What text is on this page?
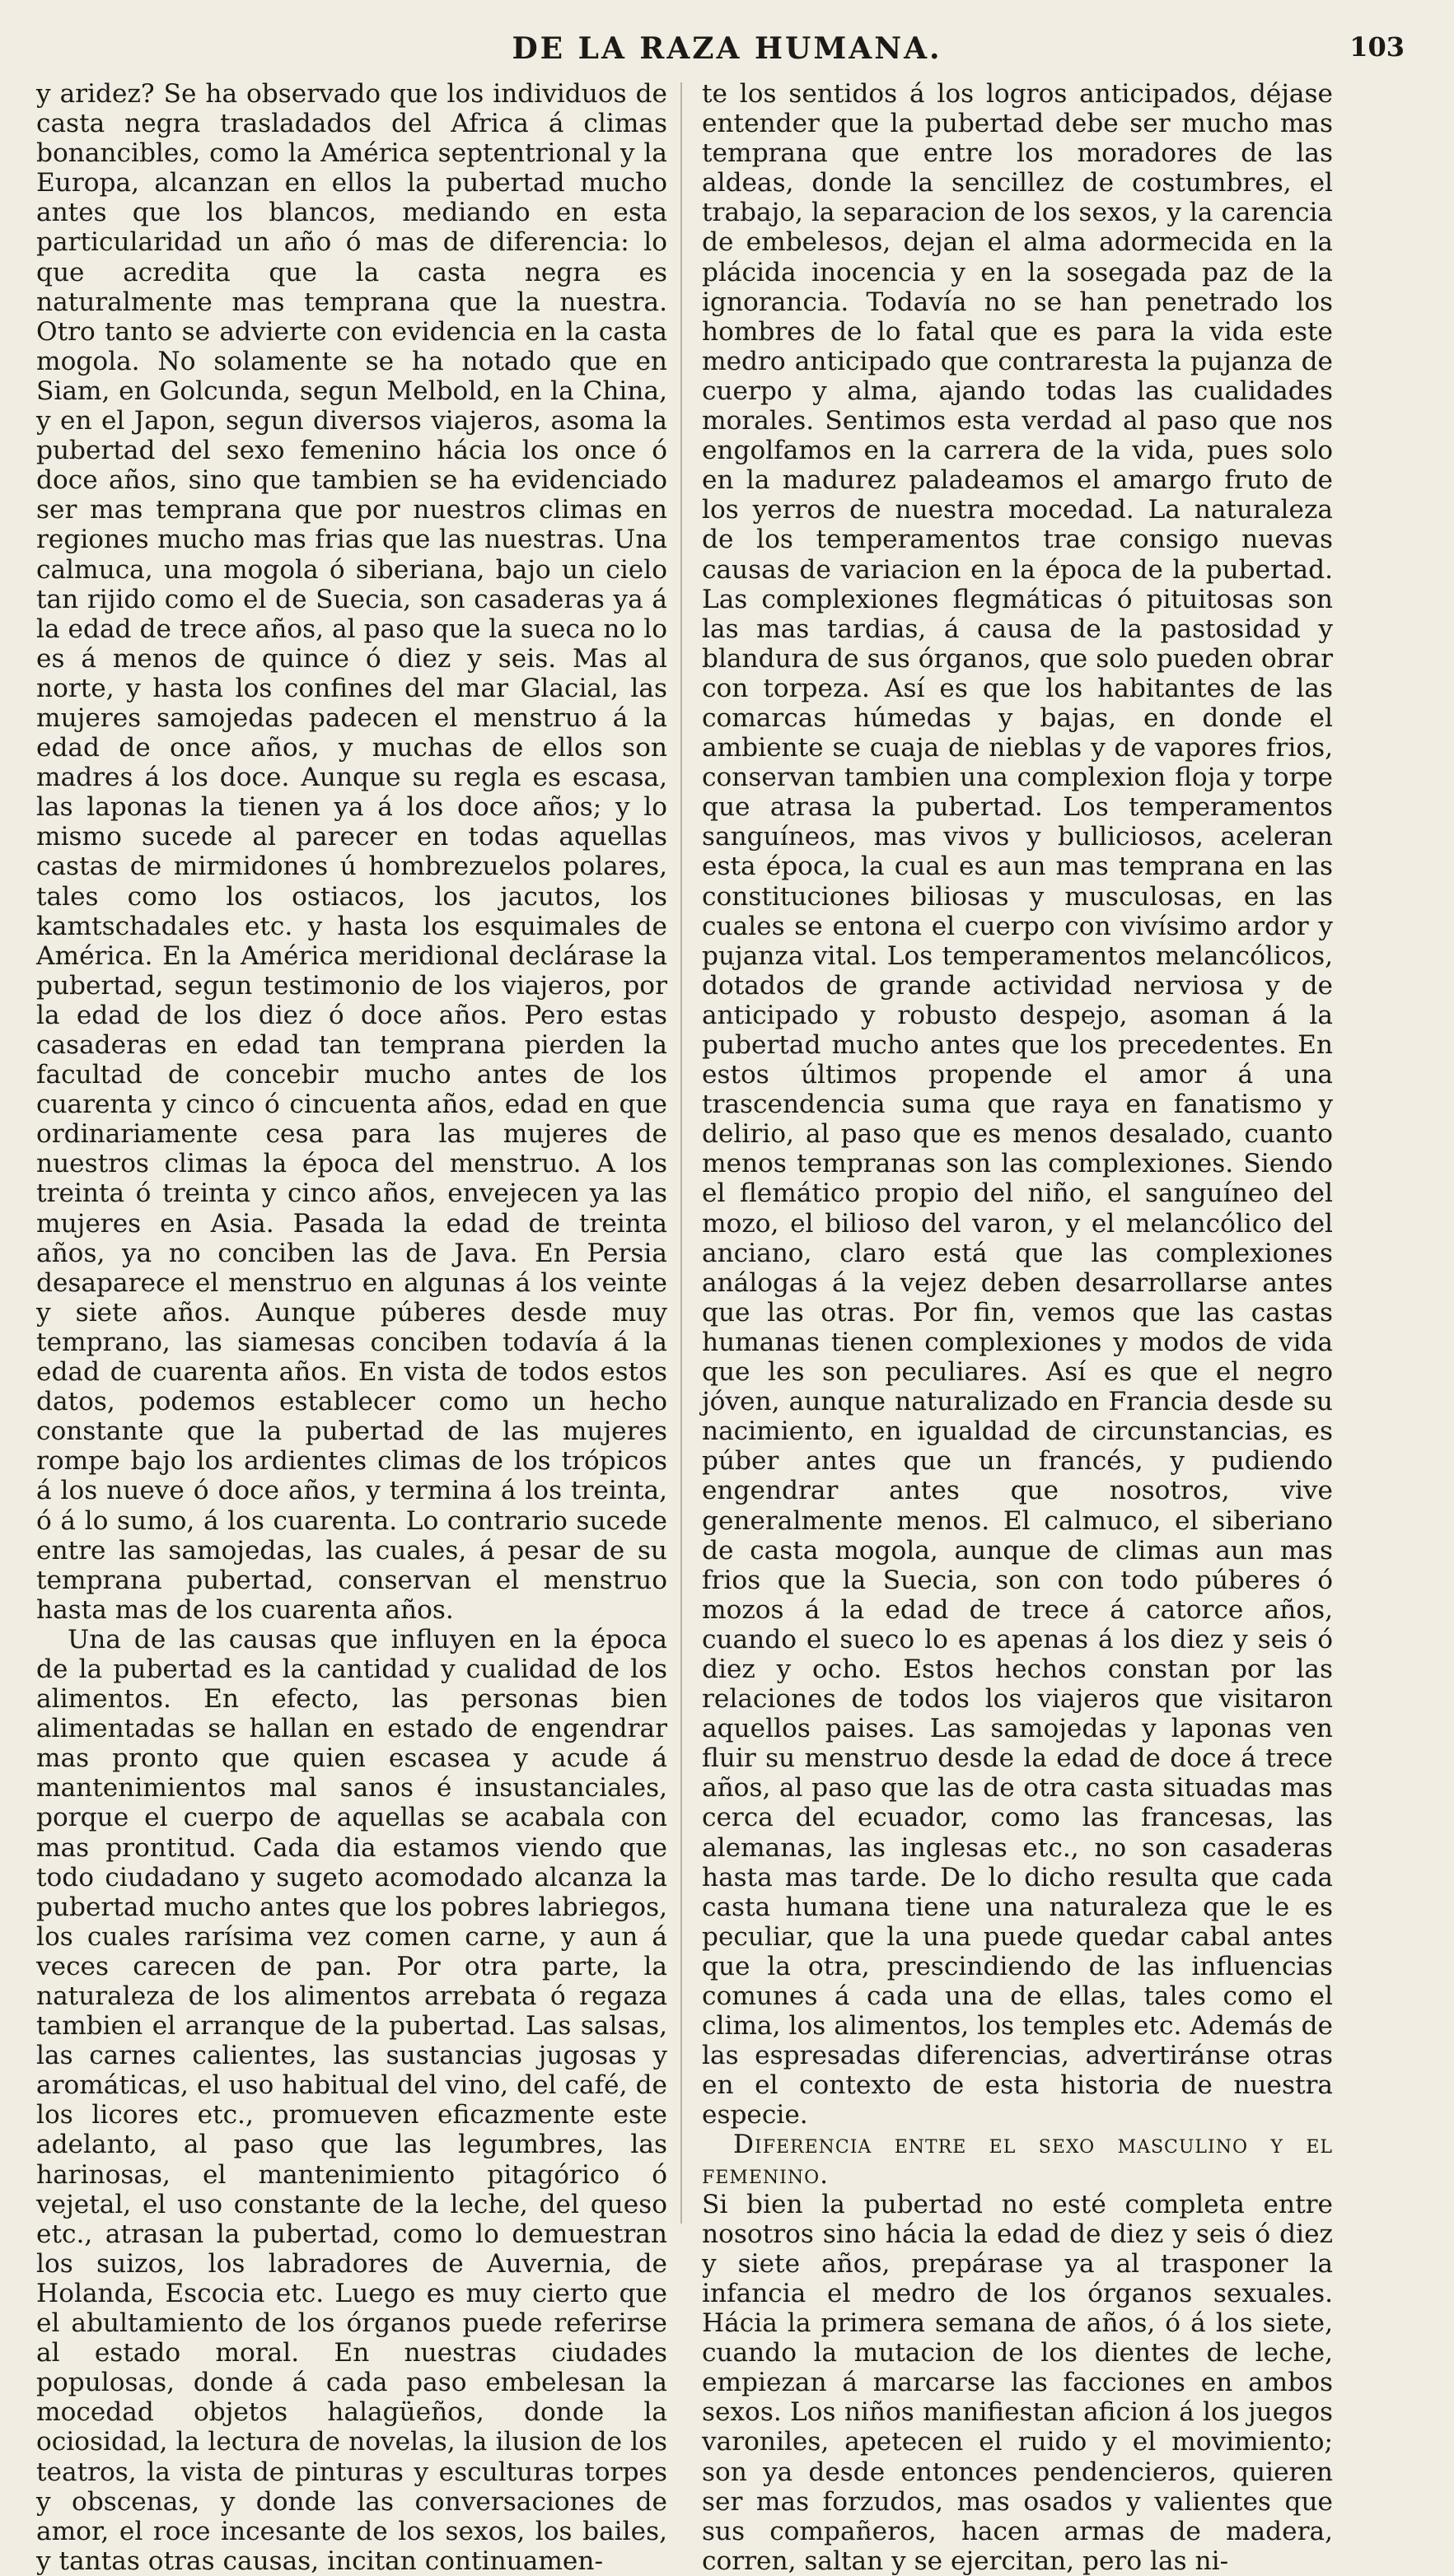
DE LA RAZA HUMANA.	103

y aridez? Se ha observado que los individuos de casta negra trasladados del Africa á climas bonancibles, como la América septentrional y la Europa, alcanzan en ellos la pubertad mucho antes que los blancos, mediando en esta particularidad un año ó mas de diferencia: lo que acredita que la casta negra es naturalmente mas temprana que la nuestra. Otro tanto se advierte con evidencia en la casta mogola. No solamente se ha notado que en Siam, en Golcunda, segun Melbold, en la China, y en el Japon, segun diversos viajeros, asoma la pubertad del sexo femenino hácia los once ó doce años, sino que tambien se ha evidenciado ser mas temprana que por nuestros climas en regiones mucho mas frias que las nuestras. Una calmuca, una mogola ó siberiana, bajo un cielo tan rijido como el de Suecia, son casaderas ya á la edad de trece años, al paso que la sueca no lo es á menos de quince ó diez y seis. Mas al norte, y hasta los confines del mar Glacial, las mujeres samojedas padecen el menstruo á la edad de once años, y muchas de ellos son madres á los doce. Aunque su regla es escasa, las laponas la tienen ya á los doce años; y lo mismo sucede al parecer en todas aquellas castas de mirmidones ú hombrezuelos polares, tales como los ostiacos, los jacutos, los kamtschadales etc. y hasta los esquimales de América. En la América meridional declárase la pubertad, segun testimonio de los viajeros, por la edad de los diez ó doce años. Pero estas casaderas en edad tan temprana pierden la facultad de concebir mucho antes de los cuarenta y cinco ó cincuenta años, edad en que ordinariamente cesa para las mujeres de nuestros climas la época del menstruo. A los treinta ó treinta y cinco años, envejecen ya las mujeres en Asia. Pasada la edad de treinta años, ya no conciben las de Java. En Persia desaparece el menstruo en algunas á los veinte y siete años. Aunque púberes desde muy temprano, las siamesas conciben todavía á la edad de cuarenta años. En vista de todos estos datos, podemos establecer como un hecho constante que la pubertad de las mujeres rompe bajo los ardientes climas de los trópicos á los nueve ó doce años, y termina á los treinta, ó á lo sumo, á los cuarenta. Lo contrario sucede entre las samojedas, las cuales, á pesar de su temprana pubertad, conservan el menstruo hasta mas de los cuarenta años.

Una de las causas que influyen en la época de la pubertad es la cantidad y cualidad de los alimentos. En efecto, las personas bien alimentadas se hallan en estado de engendrar mas pronto que quien escasea y acude á mantenimientos mal sanos é insustanciales, porque el cuerpo de aquellas se acabala con mas prontitud. Cada dia estamos viendo que todo ciudadano y sugeto acomodado alcanza la pubertad mucho antes que los pobres labriegos, los cuales rarísima vez comen carne, y aun á veces carecen de pan. Por otra parte, la naturaleza de los alimentos arrebata ó regaza tambien el arranque de la pubertad. Las salsas, las carnes calientes, las sustancias jugosas y aromáticas, el uso habitual del vino, del café, de los licores etc., promueven eficazmente este adelanto, al paso que las legumbres, las harinosas, el mantenimiento pitagórico ó vejetal, el uso constante de la leche, del queso etc., atrasan la pubertad, como lo demuestran los suizos, los labradores de Auvernia, de Holanda, Escocia etc. Luego es muy cierto que el abultamiento de los órganos puede referirse al estado moral. En nuestras ciudades populosas, donde á cada paso embelesan la mocedad objetos halagüeños, donde la ociosidad, la lectura de novelas, la ilusion de los teatros, la vista de pinturas y esculturas torpes y obscenas, y donde las conversaciones de amor, el roce incesante de los sexos, los bailes, y tantas otras causas, incitan continuamen-

te los sentidos á los logros anticipados, déjase entender que la pubertad debe ser mucho mas temprana que entre los moradores de las aldeas, donde la sencillez de costumbres, el trabajo, la separacion de los sexos, y la carencia de embelesos, dejan el alma adormecida en la plácida inocencia y en la sosegada paz de la ignorancia. Todavía no se han penetrado los hombres de lo fatal que es para la vida este medro anticipado que contraresta la pujanza de cuerpo y alma, ajando todas las cualidades morales. Sentimos esta verdad al paso que nos engolfamos en la carrera de la vida, pues solo en la madurez paladeamos el amargo fruto de los yerros de nuestra mocedad. La naturaleza de los temperamentos trae consigo nuevas causas de variacion en la época de la pubertad. Las complexiones flegmáticas ó pituitosas son las mas tardias, á causa de la pastosidad y blandura de sus órganos, que solo pueden obrar con torpeza. Así es que los habitantes de las comarcas húmedas y bajas, en donde el ambiente se cuaja de nieblas y de vapores frios, conservan tambien una complexion floja y torpe que atrasa la pubertad. Los temperamentos sanguíneos, mas vivos y bulliciosos, aceleran esta época, la cual es aun mas temprana en las constituciones biliosas y musculosas, en las cuales se entona el cuerpo con vivísimo ardor y pujanza vital. Los temperamentos melancólicos, dotados de grande actividad nerviosa y de anticipado y robusto despejo, asoman á la pubertad mucho antes que los precedentes. En estos últimos propende el amor á una trascendencia suma que raya en fanatismo y delirio, al paso que es menos desalado, cuanto menos tempranas son las complexiones. Siendo el flemático propio del niño, el sanguíneo del mozo, el bilioso del varon, y el melancólico del anciano, claro está que las complexiones análogas á la vejez deben desarrollarse antes que las otras. Por fin, vemos que las castas humanas tienen complexiones y modos de vida que les son peculiares. Así es que el negro jóven, aunque naturalizado en Francia desde su nacimiento, en igualdad de circunstancias, es púber antes que un francés, y pudiendo engendrar antes que nosotros, vive generalmente menos. El calmuco, el siberiano de casta mogola, aunque de climas aun mas frios que la Suecia, son con todo púberes ó mozos á la edad de trece á catorce años, cuando el sueco lo es apenas á los diez y seis ó diez y ocho. Estos hechos constan por las relaciones de todos los viajeros que visitaron aquellos paises. Las samojedas y laponas ven fluir su menstruo desde la edad de doce á trece años, al paso que las de otra casta situadas mas cerca del ecuador, como las francesas, las alemanas, las inglesas etc., no son casaderas hasta mas tarde. De lo dicho resulta que cada casta humana tiene una naturaleza que le es peculiar, que la una puede quedar cabal antes que la otra, prescindiendo de las influencias comunes á cada una de ellas, tales como el clima, los alimentos, los temples etc. Además de las espresadas diferencias, advertiránse otras en el contexto de esta historia de nuestra especie.

Diferencia entre el sexo masculino y el femenino.

Si bien la pubertad no esté completa entre nosotros sino hácia la edad de diez y seis ó diez y siete años, prepárase ya al trasponer la infancia el medro de los órganos sexuales. Hácia la primera semana de años, ó á los siete, cuando la mutacion de los dientes de leche, empiezan á marcarse las facciones en ambos sexos. Los niños manifiestan aficion á los juegos varoniles, apetecen el ruido y el movimiento; son ya desde entonces pendencieros, quieren ser mas forzudos, mas osados y valientes que sus compañeros, hacen armas de madera, corren, saltan y se ejercitan, pero las ni-
